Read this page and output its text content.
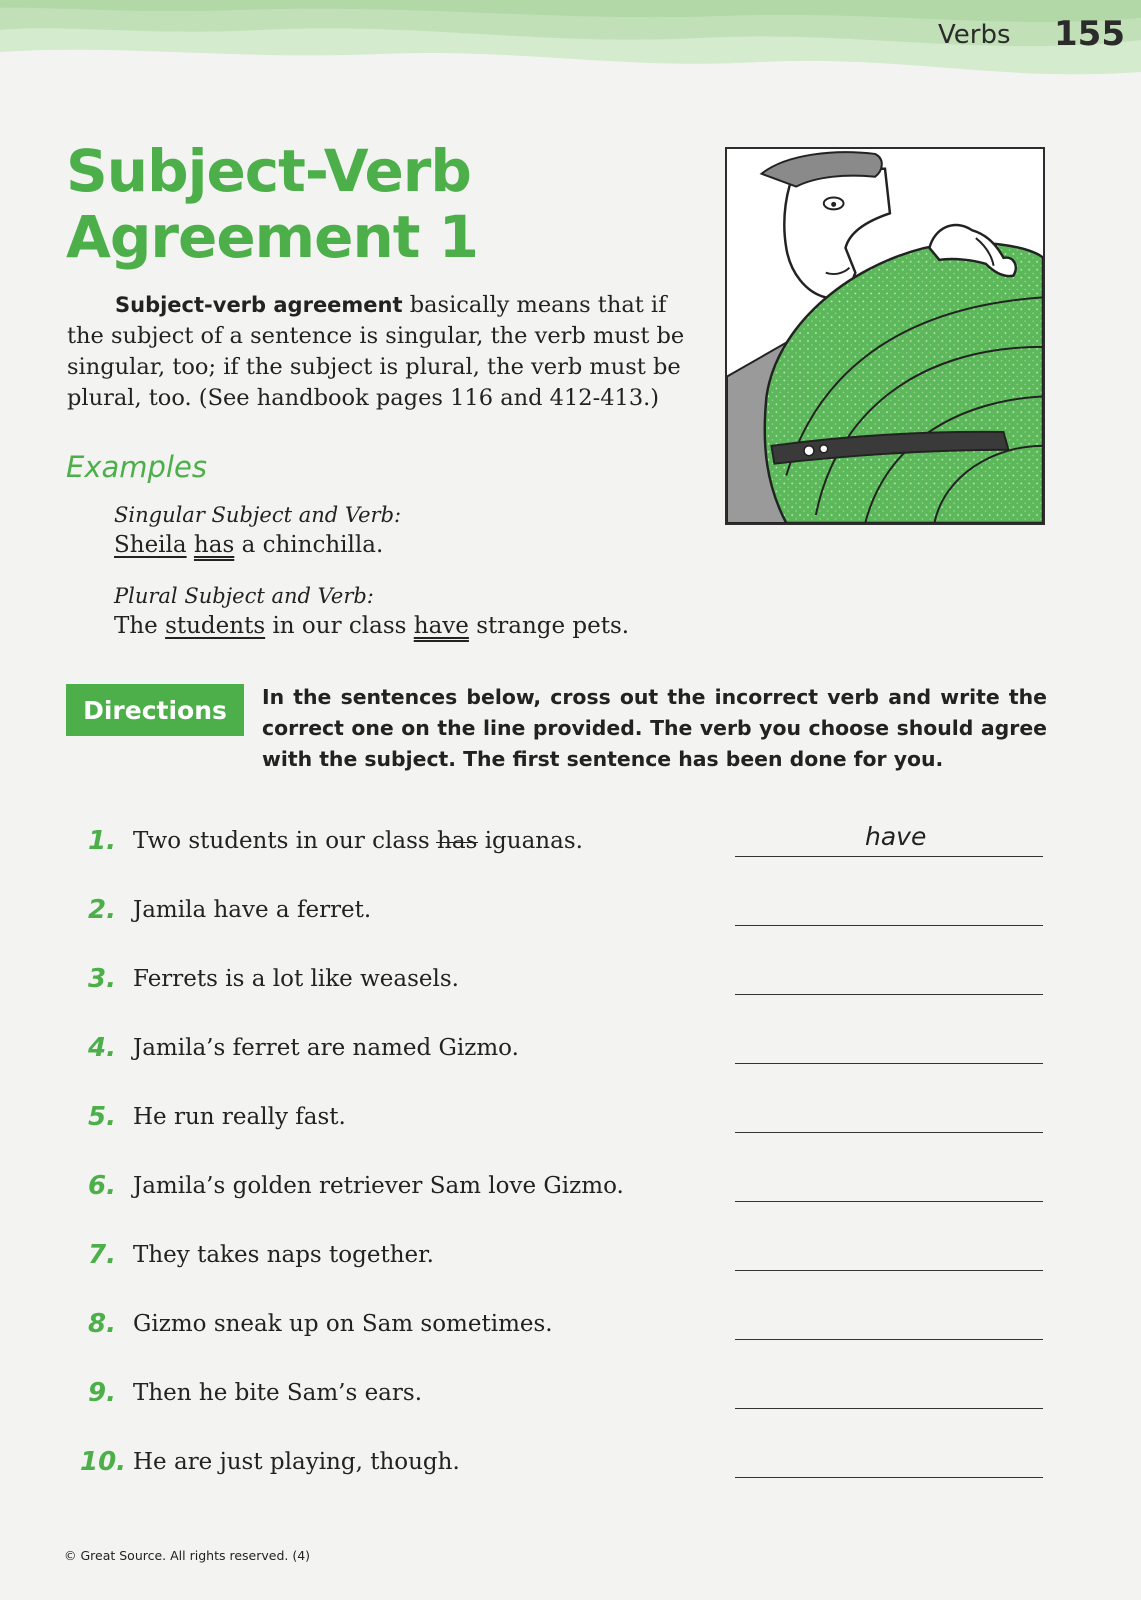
Verbs 155
Subject-Verb
Agreement 1

Subject-verb agreement basically means that if the subject of a sentence is singular, the verb must be singular, too; if the subject is plural, the verb must be plural, too. (See handbook pages 116 and 412-413.)

Examples
Singular Subject and Verb:
Sheila has a chinchilla.
Plural Subject and Verb:
The students in our class have strange pets.
Directions	In the sentences below, cross out the incorrect verb and write the correct one on the line provided. The verb you choose should agree with the subject. The first sentence has been done for you.
1. Two students in our class has iguanas.	have
2. Jamila have a ferret.
3. Ferrets is a lot like weasels.
4. Jamila’s ferret are named Gizmo.
5. He run really fast.
6. Jamila’s golden retriever Sam love Gizmo.
7. They takes naps together.
8. Gizmo sneak up on Sam sometimes.
9. Then he bite Sam’s ears.
10. He are just playing, though.
© Great Source. All rights reserved. (4)
